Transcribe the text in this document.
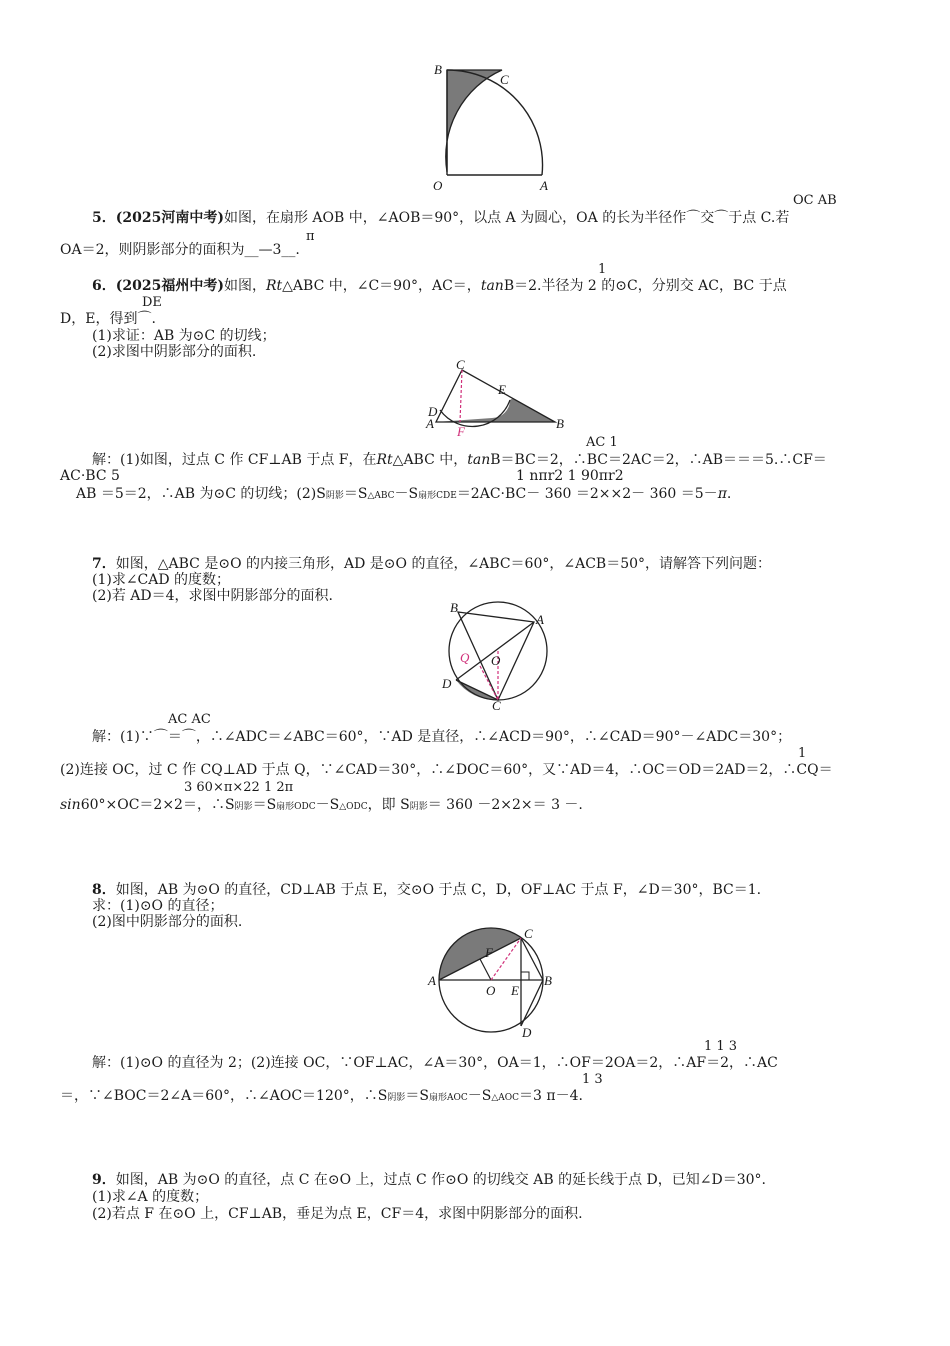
B
C
O	A
OC AB
5．(2025河南中考)如图，在扇形 AOB 中，∠AOB＝90°，以点 A 为圆心，OA 的长为半径作⌒交⌒于点 C.若
π
OA＝2，则阴影部分的面积为__—3__.
1
6．(2025福州中考)如图，Rt△ABC 中，∠C＝90°，AC＝，tanB＝2.半径为 2 的⊙C，分别交 AC，BC 于点
DE
D，E，得到⌒.
(1)求证：AB 为⊙C 的切线；
(2)求图中阴影部分的面积.
C
E
D
A
F
B
AC 1
解：(1)如图，过点 C 作 CF⊥AB 于点 F，在Rt△ABC 中，tanB＝BC＝2，∴BC＝2AC＝2，∴AB＝＝＝5.∴CF＝
1 nπr2 1 90πr2
AC·BC 5
AB ＝5＝2，∴AB 为⊙C 的切线；(2)S阴影＝S△ABC－S扇形CDE＝2AC·BC－ 360 ＝2××2－ 360 ＝5－π.
7．如图，△ABC 是⊙O 的内接三角形，AD 是⊙O 的直径，∠ABC＝60°，∠ACB＝50°，请解答下列问题：
(1)求∠CAD 的度数；
(2)若 AD＝4，求图中阴影部分的面积.
B
A
Q O
D
C
AC AC
解：(1)∵⌒＝⌒，∴∠ADC＝∠ABC＝60°，∵AD 是直径，∴∠ACD＝90°，∴∠CAD＝90°－∠ADC＝30°；
1
(2)连接 OC，过 C 作 CQ⊥AD 于点 Q，∵∠CAD＝30°，∴∠DOC＝60°，又∵AD＝4，∴OC＝OD＝2AD＝2，∴CQ＝
3 60×π×22 1 2π
sin60°×OC＝2×2＝，∴S阴影＝S扇形ODC－S△ODC，即 S阴影＝ 360 －2×2×＝ 3 －.
8．如图，AB 为⊙O 的直径，CD⊥AB 于点 E，交⊙O 于点 C，D，OF⊥AC 于点 F，∠D＝30°，BC＝1.
求：(1)⊙O 的直径；
(2)图中阴影部分的面积.
C
F
A
O E
B
D
1 1 3
解：(1)⊙O 的直径为 2；(2)连接 OC，∵OF⊥AC，∠A＝30°，OA＝1，∴OF＝2OA＝2，∴AF＝2，∴AC
1 3
＝，∵∠BOC＝2∠A＝60°，∴∠AOC＝120°，∴S阴影＝S扇形AOC－S△AOC＝3 π－4.
9．如图，AB 为⊙O 的直径，点 C 在⊙O 上，过点 C 作⊙O 的切线交 AB 的延长线于点 D，已知∠D＝30°.
(1)求∠A 的度数；
(2)若点 F 在⊙O 上，CF⊥AB，垂足为点 E，CF＝4，求图中阴影部分的面积.
